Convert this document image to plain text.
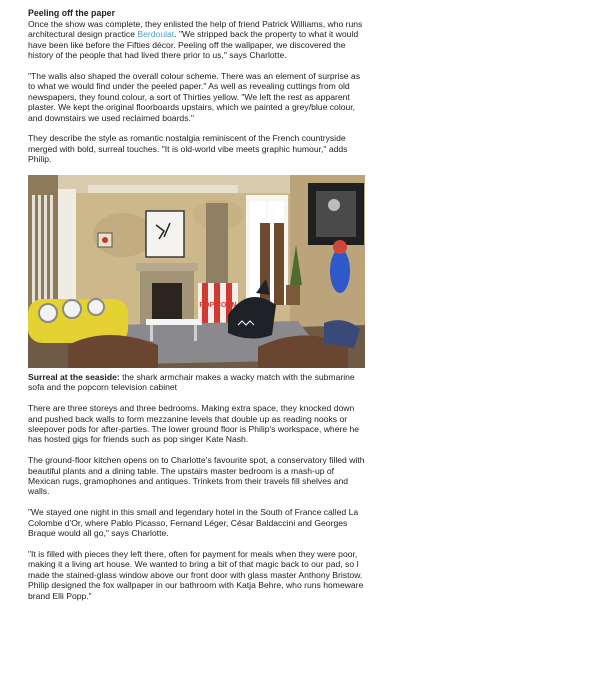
Peeling off the paper

Once the show was complete, they enlisted the help of friend Patrick Williams, who runs architectural design practice Berdoulat. "We stripped back the property to what it would have been like before the Fifties décor. Peeling off the wallpaper, we discovered the history of the people that had lived there prior to us," says Charlotte.

"The walls also shaped the overall colour scheme. There was an element of surprise as to what we would find under the peeled paper." As well as revealing cuttings from old newspapers, they found colour, a sort of Thirties yellow. "We left the rest as apparent plaster. We kept the original floorboards upstairs, which we painted a grey/blue colour, and downstairs we used reclaimed boards."

They describe the style as romantic nostalgia reminiscent of the French countryside merged with bold, surreal touches. "It is old-world vibe meets graphic humour," adds Philip.

POP CORN

Surreal at the seaside: the shark armchair makes a wacky match with the submarine sofa and the popcorn television cabinet

There are three storeys and three bedrooms. Making extra space, they knocked down and pushed back walls to form mezzanine levels that double up as reading nooks or sleepover pods for after-parties. The lower ground floor is Philip's workspace, where he has hosted gigs for friends such as pop singer Kate Nash.

The ground-floor kitchen opens on to Charlotte's favourite spot, a conservatory filled with beautiful plants and a dining table. The upstairs master bedroom is a mash-up of Mexican rugs, gramophones and antiques. Trinkets from their travels fill shelves and walls.

"We stayed one night in this small and legendary hotel in the South of France called La Colombe d'Or, where Pablo Picasso, Fernand Léger, César Baldaccini and Georges Braque would all go," says Charlotte.

"It is filled with pieces they left there, often for payment for meals when they were poor, making it a living art house. We wanted to bring a bit of that magic back to our pad, so I made the stained-glass window above our front door with glass master Anthony Bristow. Philip designed the fox wallpaper in our bathroom with Katja Behre, who runs homeware brand Elli Popp."
